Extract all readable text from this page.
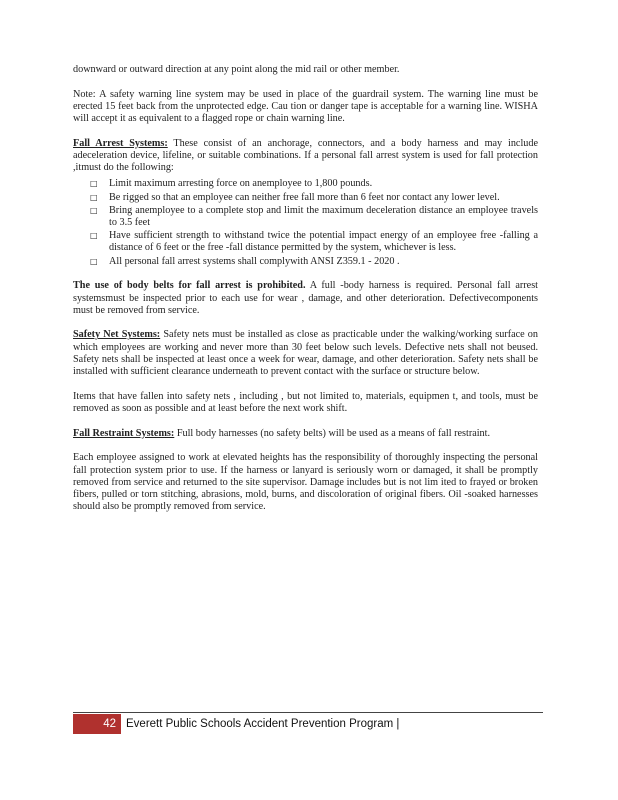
downward or outward direction at any point along the mid rail or other member.

Note: A safety warning line system may be used in place of the guardrail system. The warning line must be erected 15 feet back from the unprotected edge. Cau tion or danger tape is acceptable for a warning line. WISHA will accept it as equivalent to a flagged rope or chain warning line.

Fall Arrest Systems: These consist of an anchorage, connectors, and a body harness and may include adeceleration device, lifeline, or suitable combinations. If a personal fall arrest system is used for fall protection ,itmust do the following:

□ Limit maximum arresting force on anemployee to 1,800 pounds.
□ Be rigged so that an employee can neither free fall more than 6 feet nor contact any lower level.
□ Bring anemployee to a complete stop and limit the maximum deceleration distance an employee travels to 3.5 feet
□ Have sufficient strength to withstand twice the potential impact energy of an employee free -falling a distance of 6 feet or the free -fall distance permitted by the system, whichever is less.
□ All personal fall arrest systems shall complywith ANSI Z359.1 - 2020 .

The use of body belts for fall arrest is prohibited. A full -body harness is required. Personal fall arrest systemsmust be inspected prior to each use for wear , damage, and other deterioration. Defectivecomponents must be removed from service.

Safety Net Systems: Safety nets must be installed as close as practicable under the walking/working surface on which employees are working and never more than 30 feet below such levels. Defective nets shall not beused. Safety nets shall be inspected at least once a week for wear, damage, and other deterioration. Safety nets shall be installed with sufficient clearance underneath to prevent contact with the surface or structure below.

Items that have fallen into safety nets , including , but not limited to, materials, equipmen t, and tools, must be removed as soon as possible and at least before the next work shift.

Fall Restraint Systems: Full body harnesses (no safety belts) will be used as a means of fall restraint.

Each employee assigned to work at elevated heights has the responsibility of thoroughly inspecting the personal fall protection system prior to use. If the harness or lanyard is seriously worn or damaged, it shall be promptly removed from service and returned to the site supervisor. Damage includes but is not lim ited to frayed or broken fibers, pulled or torn stitching, abrasions, mold, burns, and discoloration of original fibers. Oil -soaked harnesses should also be promptly removed from service.

42 Everett Public Schools Accident Prevention Program |
